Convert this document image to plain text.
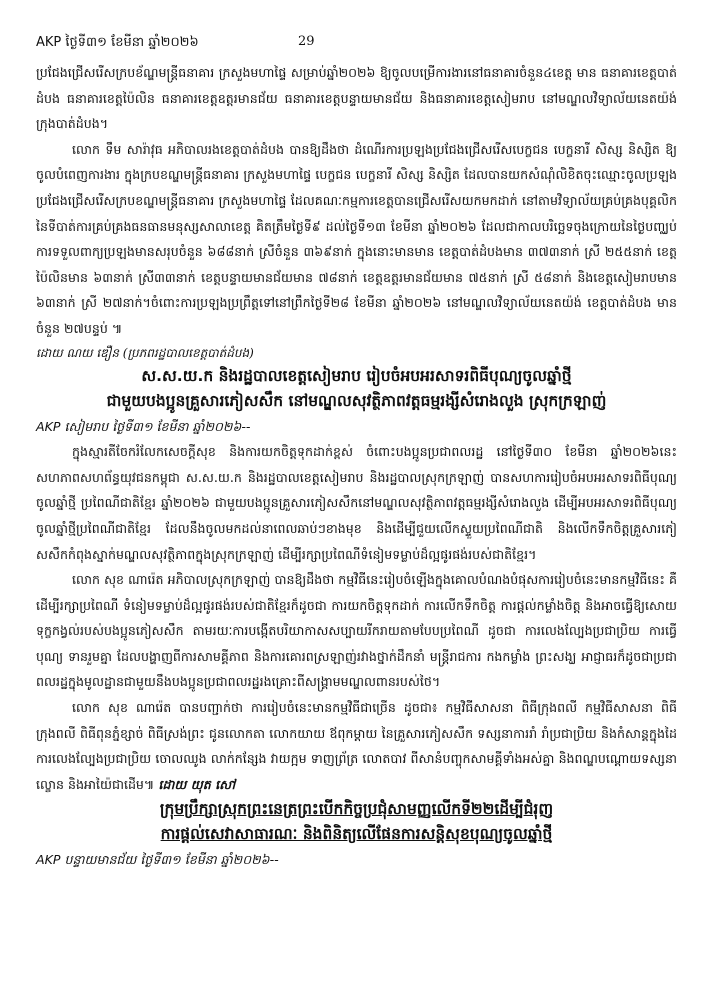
AKP ថ្ងៃទី៣១ ខែមីនា ឆ្នាំ២០២៦	29

ប្រជែងជ្រើសរើសក្របខ័ណ្ឌមន្ត្រីធនាគារ ក្រសួងមហាផ្ទៃ សម្រាប់ឆ្នាំ២០២៦ ឱ្យចូលបម្រើការងារនៅធនាគារចំនួន៤ខេត្ត មាន ធនាគារខេត្តបាត់ដំបង ធនាគារខេត្តប៉ៃលិន ធនាគារខេត្តឧត្តរមានជ័យ ធនាគារខេត្តបន្ទាយមានជ័យ និងធនាគារខេត្តសៀមរាប នៅមណ្ឌលវិទ្យាល័យនេតយ៉ង់ ក្រុងបាត់ដំបង។

លោក ទឹម សារ៉ាវុធ អភិបាលរងខេត្តបាត់ដំបង បានឱ្យដឹងថា ដំណើរការប្រឡងប្រជែងជ្រើសរើសបេក្ខជន បេក្ខនារី សិស្ស និស្សិត ឱ្យចូលបំពេញការងារ ក្នុងក្របខណ្ឌមន្ត្រីធនាគារ ក្រសួងមហាផ្ទៃ បេក្ខជន បេក្ខនារី សិស្ស និស្សិត ដែលបានយកសំណុំលិខិតចុះឈ្មោះចូលប្រឡងប្រជែងជ្រើសរើសក្របខណ្ឌមន្ត្រីធនាគារ ក្រសួងមហាផ្ទៃ ដែលគណៈកម្មការខេត្តបានជ្រើសរើសយកមកដាក់ នៅតាមវិទ្យាល័យគ្រប់គ្រងបុគ្គលិកនៃទីបាត់ការគ្រប់គ្រងធនធានមនុស្សសាលាខេត្ត គិតត្រឹមថ្ងៃទី៩ ដល់ថ្ងៃទី១៣ ខែមីនា ឆ្នាំ២០២៦ ដែលជាកាលបរិច្ឆេទចុងក្រោយនៃថ្ងៃបញ្ឈប់ការទទួលពាក្យប្រឡងមានសរុបចំនួន ៦៨៨នាក់ ស្រីចំនួន ៣៦៩នាក់ ក្នុងនោះមានមាន ខេត្តបាត់ដំបងមាន ៣៧៣នាក់ ស្រី ២៥៥នាក់ ខេត្តប៉ៃលិនមាន ៦៣នាក់ ស្រី៣៣នាក់ ខេត្តបន្ទាយមានជ័យមាន ៧៨នាក់ ខេត្តឧត្តរមានជ័យមាន ៧៥នាក់ ស្រី ៥៨នាក់ និងខេត្តសៀមរាបមាន ៦៣នាក់ ស្រី ២៧នាក់។ចំពោះការប្រឡងប្រព្រឹត្តទៅនៅព្រឹកថ្ងៃទី២៨ ខែមីនា ឆ្នាំ២០២៦ នៅមណ្ឌលវិទ្យាល័យនេតយ៉ង់ ខេត្តបាត់ដំបង មានចំនួន ២៧បន្ទប់ ៕

ដោយ ណយ ឌឿន (ប្រភពរដ្ឋបាលខេត្តបាត់ដំបង)

ស.ស.យ.ក និងរដ្ឋបាលខេត្តសៀមរាប រៀបចំអបអរសាទរពិធីបុណ្យចូលឆ្នាំថ្មី
ជាមួយបងប្អូនគ្រួសារភៀសសឹក នៅមណ្ឌលសុវត្ថិភាពវត្តធម្មរង្សីសំរោងលួង ស្រុកក្រឡាញ់

AKP សៀមរាប ថ្ងៃទី៣១ ខែមីនា ឆ្នាំ២០២៦--

ក្នុងស្មារតីចែករំលែកសេចក្តីសុខ និងការយកចិត្តទុកដាក់ខ្ពស់ ចំពោះបងប្អូនប្រជាពលរដ្ឋ នៅថ្ងៃទី៣០ ខែមីនា ឆ្នាំ២០២៦នេះ សហភាពសហព័ន្ធយុវជនកម្ពុជា ស.ស.យ.ក និងរដ្ឋបាលខេត្តសៀមរាប និងរដ្ឋបាលស្រុកក្រឡាញ់ បានសហការរៀបចំអបអរសាទរពិធីបុណ្យចូលឆ្នាំថ្មី ប្រពៃណីជាតិខ្មែរ ឆ្នាំ២០២៦ ជាមួយបងប្អូនគ្រួសារភៀសសឹកនៅមណ្ឌលសុវត្ថិភាពវត្តធម្មរង្សីសំរោងលួង ដើម្បីអបអរសាទរពិធីបុណ្យចូលឆ្នាំថ្មីប្រពៃណីជាតិខ្មែរ ដែលនឹងចូលមកដល់នាពេលឆាប់ៗខាងមុខ និងដើម្បីជួយលើកស្ទួយប្រពៃណីជាតិ និងលើកទឹកចិត្តគ្រួសារភៀសសឹកកំពុងស្នាក់មណ្ឌលសុវត្ថិភាពក្នុងស្រុកក្រឡាញ់ ដើម្បីរក្សាប្រពៃណីទំនៀមទម្លាប់ដ៏ល្អផូរផង់របស់ជាតិខ្មែរ។

លោក សុខ ណារ៉េត អភិបាលស្រុកក្រឡាញ់ បានឱ្យដឹងថា កម្មវិធីនេះរៀបចំឡើងក្នុងគោលបំណងបំផុសការរៀបចំនេះមានកម្មវិធីនេះ គឺដើម្បីរក្សាប្រពៃណី ទំនៀមទម្លាប់ដ៏ល្អផូរផង់របស់ជាតិខ្មែរក៏ដូចជា ការយកចិត្តទុកដាក់ ការលើកទឹកចិត្ត ការផ្តល់កម្លាំងចិត្ត និងអាចធ្វើឱ្យសោយទុក្ខកង្វល់របស់បងប្អូនភៀសសឹក តាមរយៈការបង្កើតបរិយាកាសសប្បាយរីករាយតាមបែបប្រពៃណី ដូចជា ការលេងល្បែងប្រជាប្រិយ ការធ្វើបុណ្យ ទានរួមគ្នា ដែលបង្ហាញពីការសាមគ្គីភាព និងការគោរពស្រឡាញ់រវាងថ្នាក់ដឹកនាំ មន្ត្រីរាជការ កងកម្លាំង ព្រះសង្ឃ អាជ្ញាធរក៏ដូចជាប្រជាពលរដ្ឋក្នុងមូលដ្ឋានជាមួយនឹងបងប្អូនប្រជាពលរដ្ឋរងគ្រោះពីសង្គ្រាមមណ្ឌលពានរបស់ថៃ។

លោក សុខ ណារ៉េត បានបញ្ជាក់ថា ការរៀបចំនេះមានកម្មវិធីជាច្រើន ដូចជា៖ កម្មវិធីសាសនា ពិធីក្រុងពលី កម្មវិធីសាសនា ពិធីក្រុងពលី ពិធីពុនភ្នំខ្សាច់ ពិធីស្រង់ព្រះ ជូនលោកតា លោកយាយ ឪពុកម្តាយ នៃគ្រួសារភៀសសឹក ទស្សនាការរាំ រាំប្រជាប្រិយ និងកំសាន្តក្នុងដៃ ការលេងល្បែងប្រជាប្រិយ ចោលឈូង លាក់កន្សែង វាយក្អម ទាញព្រ័ត្រ លោតបាវ ពីសានំបញ្ចុកសាមគ្គីទាំងអស់គ្នា និងពណ្ឌបណ្តោយទស្សនាល្ខោន និងអាយ៉ៃជាដើម៕ ដោយ យុត សៅ

ក្រុមប្រឹក្សាស្រុកព្រះនេត្រព្រះបើកកិច្ចប្រជុំសាមញ្ញលើកទី២២ដើម្បីជំរុញ
ការផ្តល់សេវាសាធារណៈ និងពិនិត្យលើផែនការសន្តិសុខបុណ្យចូលឆ្នាំថ្មី

AKP បន្ទាយមានជ័យ ថ្ងៃទី៣១ ខែមីនា ឆ្នាំ២០២៦--
